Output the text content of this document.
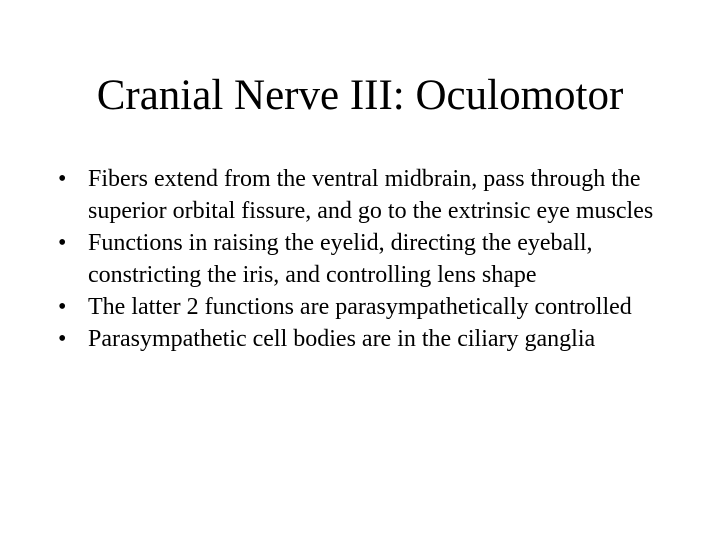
Cranial Nerve III: Oculomotor
• Fibers extend from the ventral midbrain, pass through the superior orbital fissure, and go to the extrinsic eye muscles
• Functions in raising the eyelid, directing the eyeball, constricting the iris, and controlling lens shape
• The latter 2 functions are parasympathetically controlled
• Parasympathetic cell bodies are in the ciliary ganglia
